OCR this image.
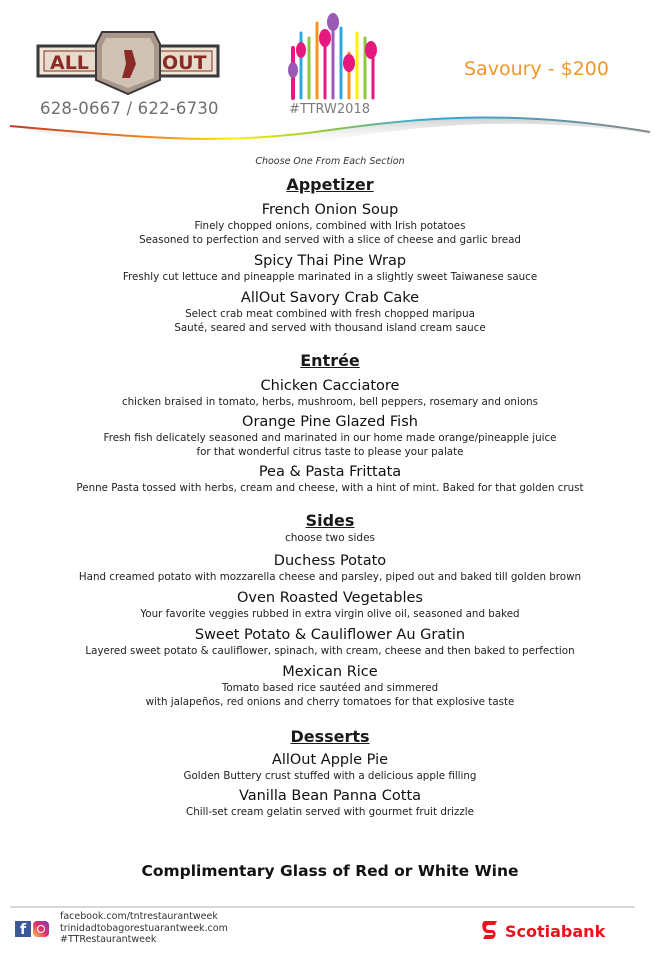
ALL	OUT
628-0667 / 622-6730	#TTRW2018
Savoury - $200

Choose One From Each Section

Appetizer

French Onion Soup

Finely chopped onions, combined with Irish potatoes

Seasoned to perfection and served with a slice of cheese and garlic bread

Spicy Thai Pine Wrap

Freshly cut lettuce and pineapple marinated in a slightly sweet Taiwanese sauce

AllOut Savory Crab Cake

Select crab meat combined with fresh chopped maripua

Sauté, seared and served with thousand island cream sauce

Entrée

Chicken Cacciatore

chicken braised in tomato, herbs, mushroom, bell peppers, rosemary and onions

Orange Pine Glazed Fish

Fresh fish delicately seasoned and marinated in our home made orange/pineapple juice

for that wonderful citrus taste to please your palate

Pea & Pasta Frittata

Penne Pasta tossed with herbs, cream and cheese, with a hint of mint. Baked for that golden crust

Sides

choose two sides

Duchess Potato

Hand creamed potato with mozzarella cheese and parsley, piped out and baked till golden brown

Oven Roasted Vegetables

Your favorite veggies rubbed in extra virgin olive oil, seasoned and baked

Sweet Potato & Cauliflower Au Gratin

Layered sweet potato & cauliflower, spinach, with cream, cheese and then baked to perfection

Mexican Rice

Tomato based rice sautéed and simmered

with jalapeños, red onions and cherry tomatoes for that explosive taste

Desserts

AllOut Apple Pie

Golden Buttery crust stuffed with a delicious apple filling

Vanilla Bean Panna Cotta

Chill-set cream gelatin served with gourmet fruit drizzle

Complimentary Glass of Red or White Wine
f
facebook.com/tntrestaurantweek
trinidadtobagorestuarantweek.com
#TTRestaurantweek	Scotiabank
